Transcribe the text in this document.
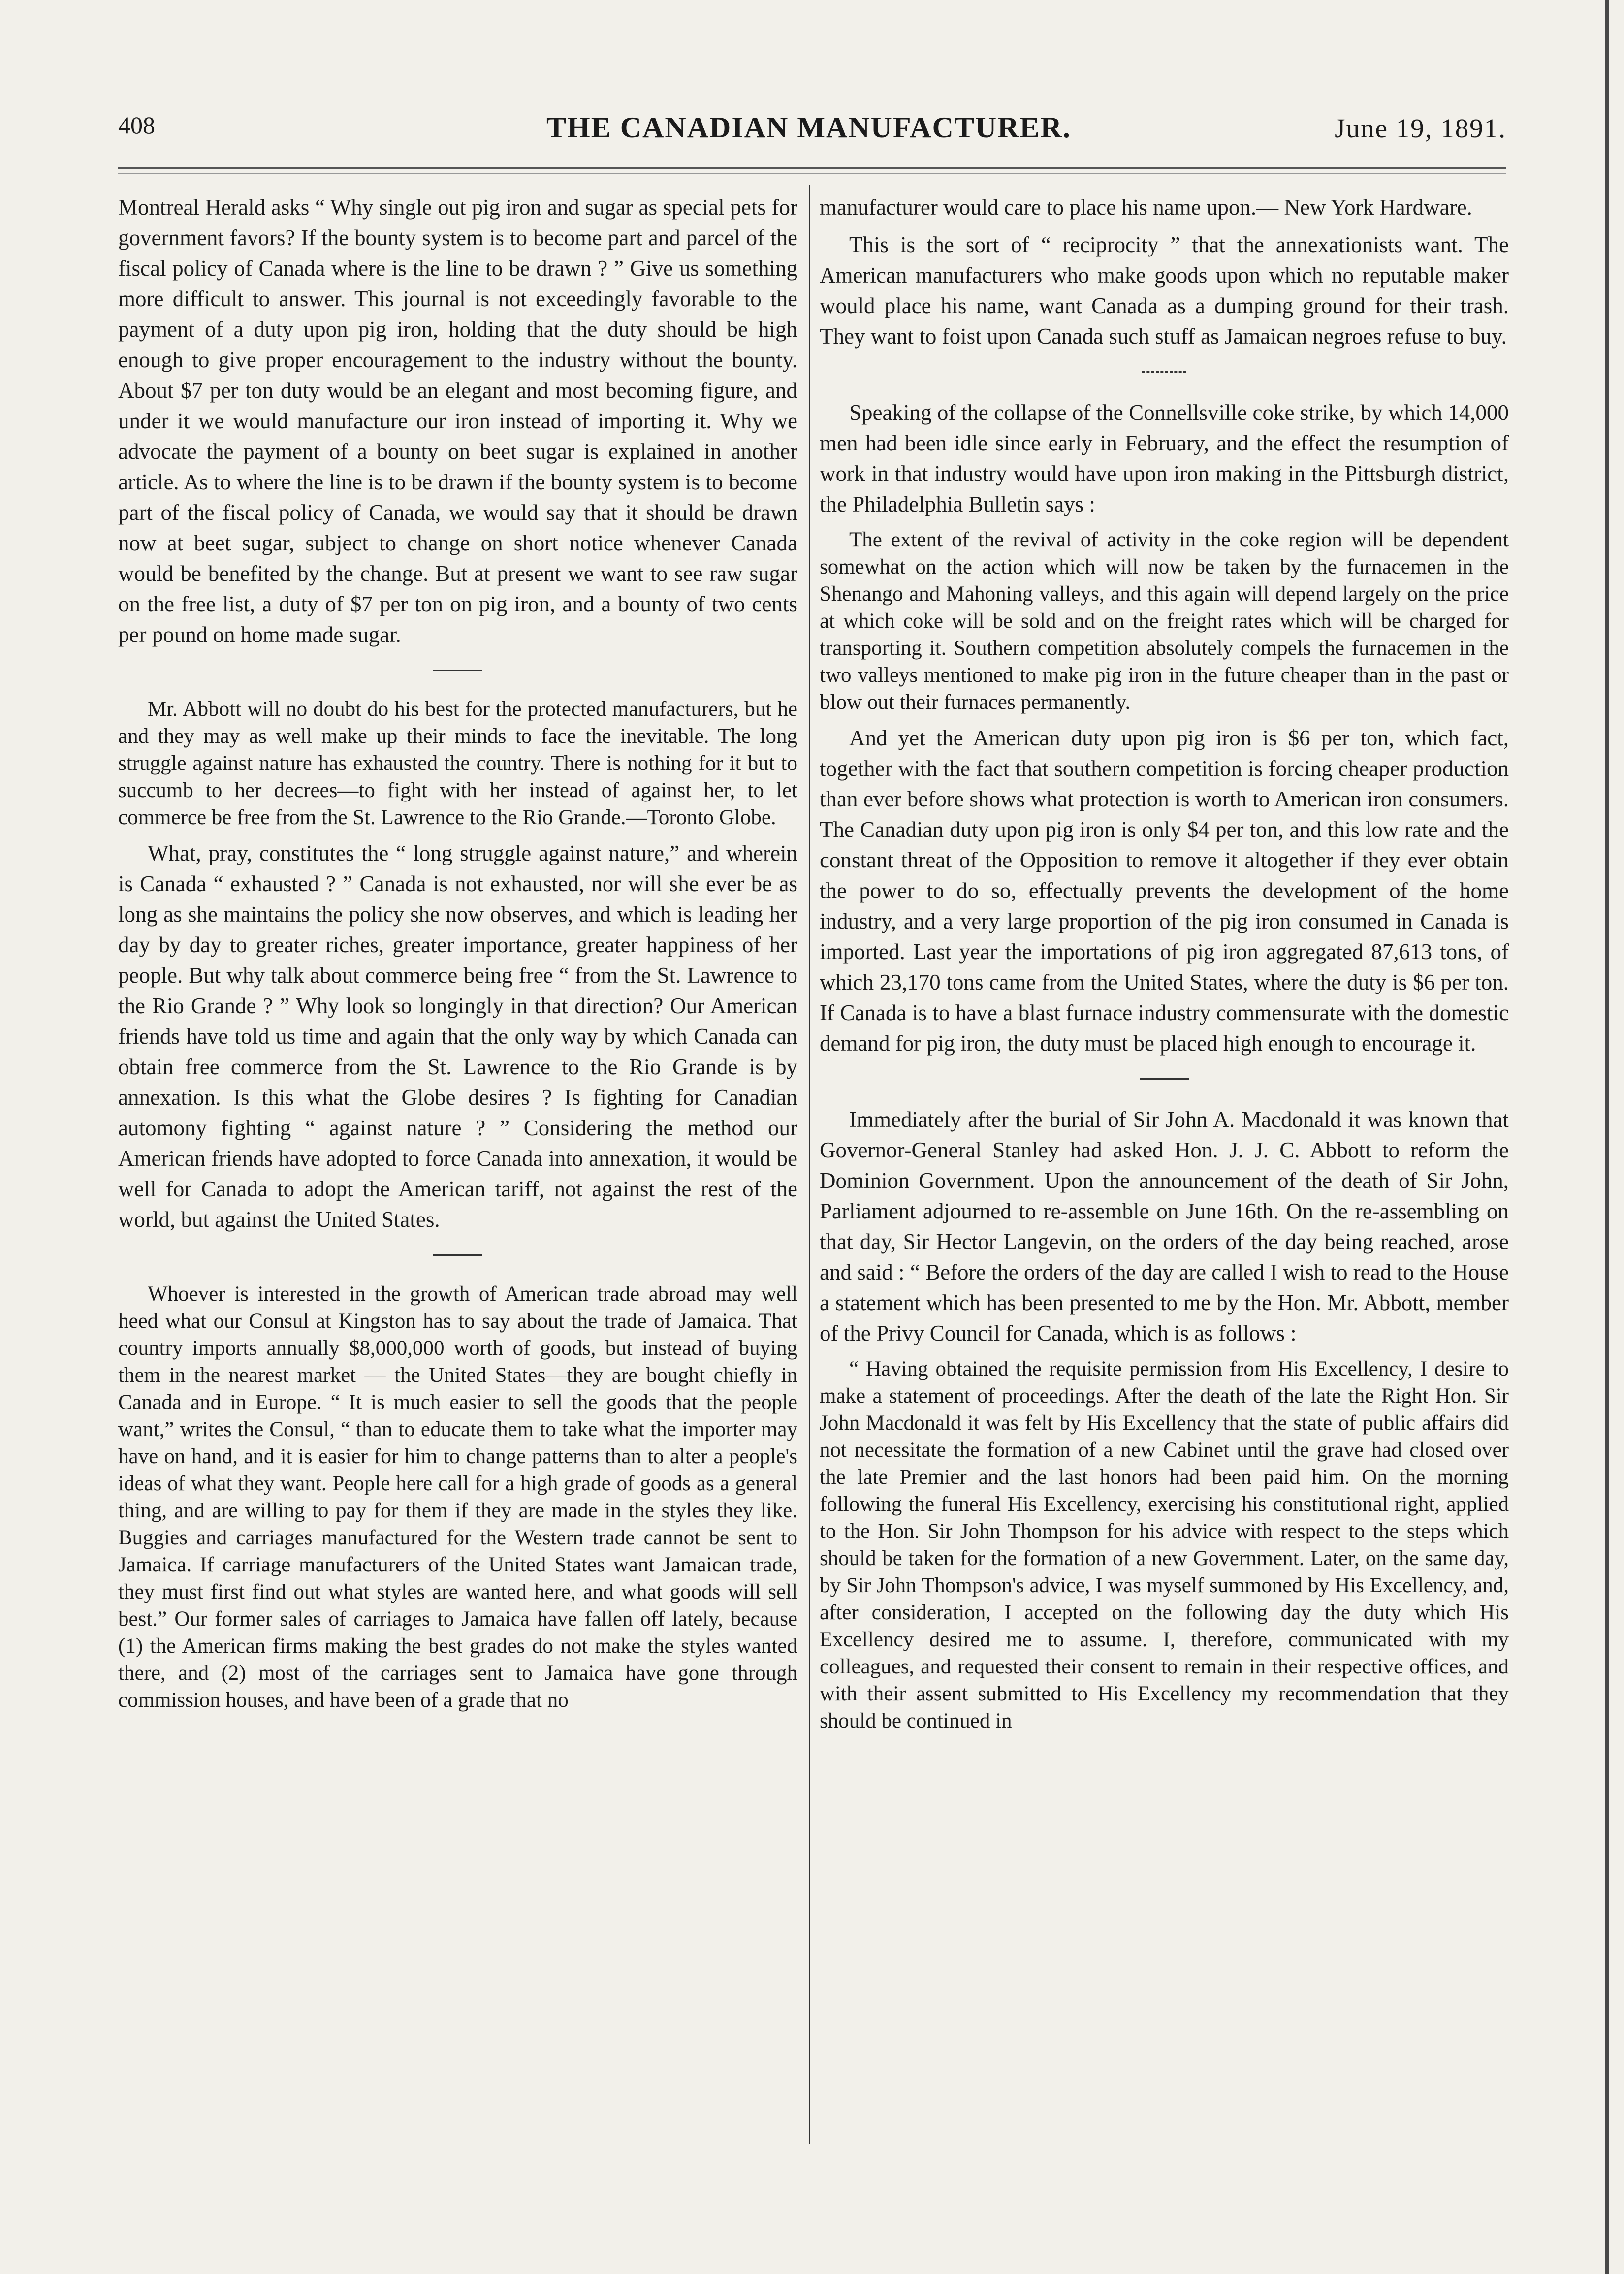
408	THE CANADIAN MANUFACTURER.	June 19, 1891.

Montreal Herald asks “ Why single out pig iron and sugar as special pets for government favors? If the bounty system is to become part and parcel of the fiscal policy of Canada where is the line to be drawn ? ” Give us something more difficult to answer. This journal is not exceedingly favorable to the payment of a duty upon pig iron, holding that the duty should be high enough to give proper encouragement to the industry without the bounty. About $7 per ton duty would be an elegant and most becoming figure, and under it we would manufacture our iron instead of importing it. Why we advocate the payment of a bounty on beet sugar is explained in another article. As to where the line is to be drawn if the bounty system is to become part of the fiscal policy of Canada, we would say that it should be drawn now at beet sugar, subject to change on short notice whenever Canada would be benefited by the change. But at present we want to see raw sugar on the free list, a duty of $7 per ton on pig iron, and a bounty of two cents per pound on home made sugar.

Mr. Abbott will no doubt do his best for the protected manufacturers, but he and they may as well make up their minds to face the inevitable. The long struggle against nature has exhausted the country. There is nothing for it but to succumb to her decrees—to fight with her instead of against her, to let commerce be free from the St. Lawrence to the Rio Grande.—Toronto Globe.

What, pray, constitutes the “ long struggle against nature,” and wherein is Canada “ exhausted ? ” Canada is not exhausted, nor will she ever be as long as she maintains the policy she now observes, and which is leading her day by day to greater riches, greater importance, greater happiness of her people. But why talk about commerce being free “ from the St. Lawrence to the Rio Grande ? ” Why look so longingly in that direction? Our American friends have told us time and again that the only way by which Canada can obtain free commerce from the St. Lawrence to the Rio Grande is by annexation. Is this what the Globe desires ? Is fighting for Canadian automony fighting “ against nature ? ” Considering the method our American friends have adopted to force Canada into annexation, it would be well for Canada to adopt the American tariff, not against the rest of the world, but against the United States.

Whoever is interested in the growth of American trade abroad may well heed what our Consul at Kingston has to say about the trade of Jamaica. That country imports annually $8,000,000 worth of goods, but instead of buying them in the nearest market — the United States—they are bought chiefly in Canada and in Europe. “ It is much easier to sell the goods that the people want,” writes the Consul, “ than to educate them to take what the importer may have on hand, and it is easier for him to change patterns than to alter a people's ideas of what they want. People here call for a high grade of goods as a general thing, and are willing to pay for them if they are made in the styles they like. Buggies and carriages manufactured for the Western trade cannot be sent to Jamaica. If carriage manufacturers of the United States want Jamaican trade, they must first find out what styles are wanted here, and what goods will sell best.” Our former sales of carriages to Jamaica have fallen off lately, because (1) the American firms making the best grades do not make the styles wanted there, and (2) most of the carriages sent to Jamaica have gone through commission houses, and have been of a grade that no

manufacturer would care to place his name upon.— New York Hardware.

This is the sort of “ reciprocity ” that the annexationists want. The American manufacturers who make goods upon which no reputable maker would place his name, want Canada as a dumping ground for their trash. They want to foist upon Canada such stuff as Jamaican negroes refuse to buy.

Speaking of the collapse of the Connellsville coke strike, by which 14,000 men had been idle since early in February, and the effect the resumption of work in that industry would have upon iron making in the Pittsburgh district, the Philadelphia Bulletin says :

The extent of the revival of activity in the coke region will be dependent somewhat on the action which will now be taken by the furnacemen in the Shenango and Mahoning valleys, and this again will depend largely on the price at which coke will be sold and on the freight rates which will be charged for transporting it. Southern competition absolutely compels the furnacemen in the two valleys mentioned to make pig iron in the future cheaper than in the past or blow out their furnaces permanently.

And yet the American duty upon pig iron is $6 per ton, which fact, together with the fact that southern competition is forcing cheaper production than ever before shows what protection is worth to American iron consumers. The Canadian duty upon pig iron is only $4 per ton, and this low rate and the constant threat of the Opposition to remove it altogether if they ever obtain the power to do so, effectually prevents the development of the home industry, and a very large proportion of the pig iron consumed in Canada is imported. Last year the importations of pig iron aggregated 87,613 tons, of which 23,170 tons came from the United States, where the duty is $6 per ton. If Canada is to have a blast furnace industry commensurate with the domestic demand for pig iron, the duty must be placed high enough to encourage it.

Immediately after the burial of Sir John A. Macdonald it was known that Governor-General Stanley had asked Hon. J. J. C. Abbott to reform the Dominion Government. Upon the announcement of the death of Sir John, Parliament adjourned to re-assemble on June 16th. On the re-assembling on that day, Sir Hector Langevin, on the orders of the day being reached, arose and said : “ Before the orders of the day are called I wish to read to the House a statement which has been presented to me by the Hon. Mr. Abbott, member of the Privy Council for Canada, which is as follows :

“ Having obtained the requisite permission from His Excellency, I desire to make a statement of proceedings. After the death of the late the Right Hon. Sir John Macdonald it was felt by His Excellency that the state of public affairs did not necessitate the formation of a new Cabinet until the grave had closed over the late Premier and the last honors had been paid him. On the morning following the funeral His Excellency, exercising his constitutional right, applied to the Hon. Sir John Thompson for his advice with respect to the steps which should be taken for the formation of a new Government. Later, on the same day, by Sir John Thompson's advice, I was myself summoned by His Excellency, and, after consideration, I accepted on the following day the duty which His Excellency desired me to assume. I, therefore, communicated with my colleagues, and requested their consent to remain in their respective offices, and with their assent submitted to His Excellency my recommendation that they should be continued in
